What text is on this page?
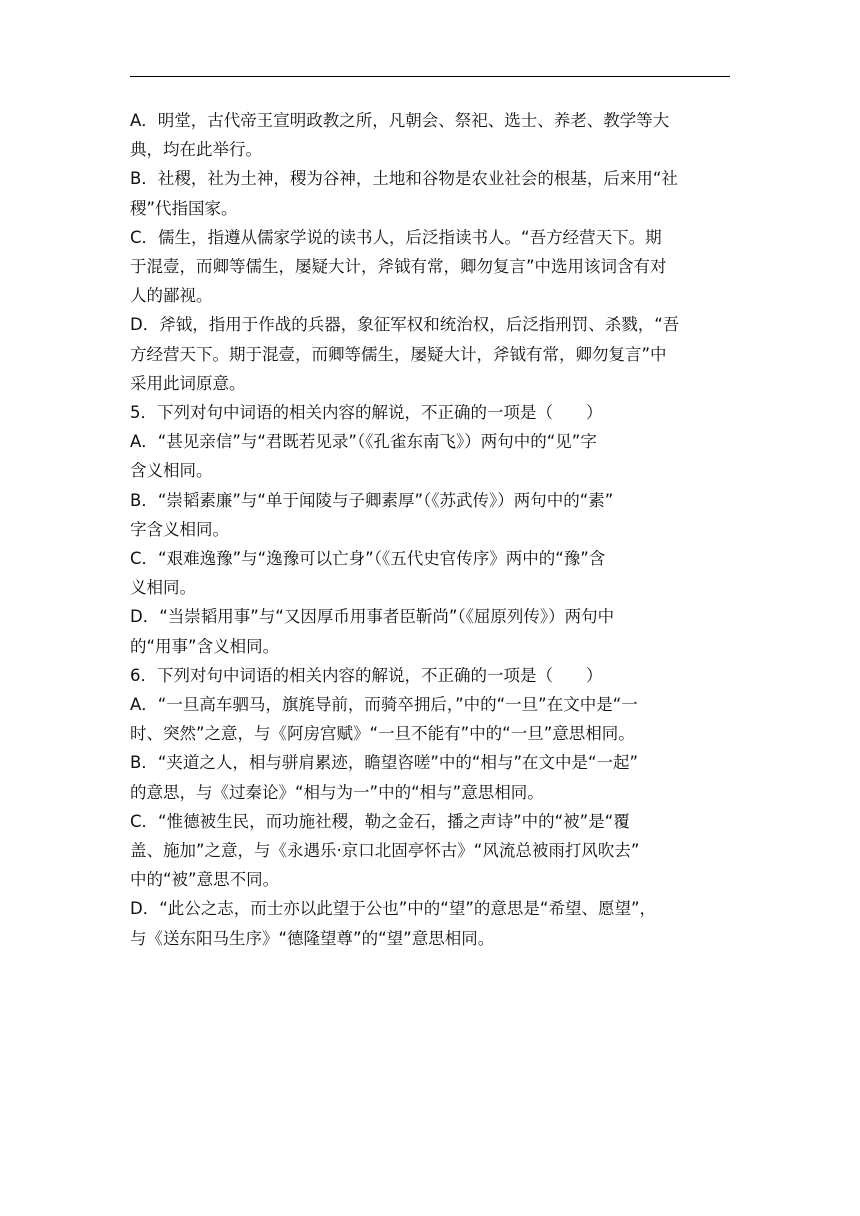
A．明堂，古代帝王宣明政教之所，凡朝会、祭祀、选士、养老、教学等大
典，均在此举行。

B．社稷，社为土神，稷为谷神，土地和谷物是农业社会的根基，后来用“社
稷”代指国家。

C．儒生，指遵从儒家学说的读书人，后泛指读书人。“吾方经营天下。期
于混壹，而卿等儒生，屡疑大计，斧钺有常，卿勿复言”中选用该词含有对
人的鄙视。

D．斧钺，指用于作战的兵器，象征军权和统治权，后泛指刑罚、杀戮，“吾
方经营天下。期于混壹，而卿等儒生，屡疑大计，斧钺有常，卿勿复言”中
采用此词原意。

5．下列对句中词语的相关内容的解说，不正确的一项是（　　）

A．“甚见亲信”与“君既若见录”（《孔雀东南飞》）两句中的“见”字
含义相同。

B．“崇韬素廉”与“单于闻陵与子卿素厚”（《苏武传》）两句中的“素”
字含义相同。

C．“艰难逸豫”与“逸豫可以亡身”（《五代史官传序》两中的“豫”含
义相同。

D．“当崇韬用事”与“又因厚币用事者臣靳尚”（《屈原列传》）两句中
的“用事”含义相同。

6．下列对句中词语的相关内容的解说，不正确的一项是（　　）

A．“一旦高车驷马，旗旄导前，而骑卒拥后，”中的“一旦”在文中是“一
时、突然”之意，与《阿房宫赋》“一旦不能有”中的“一旦”意思相同。

B．“夹道之人，相与骈肩累迹，瞻望咨嗟”中的“相与”在文中是“一起”
的意思，与《过秦论》“相与为一”中的“相与”意思相同。

C．“惟德被生民，而功施社稷，勒之金石，播之声诗”中的“被”是“覆
盖、施加”之意，与《永遇乐·京口北固亭怀古》“风流总被雨打风吹去”
中的“被”意思不同。

D．“此公之志，而士亦以此望于公也”中的“望”的意思是“希望、愿望”，
与《送东阳马生序》“德隆望尊”的“望”意思相同。
